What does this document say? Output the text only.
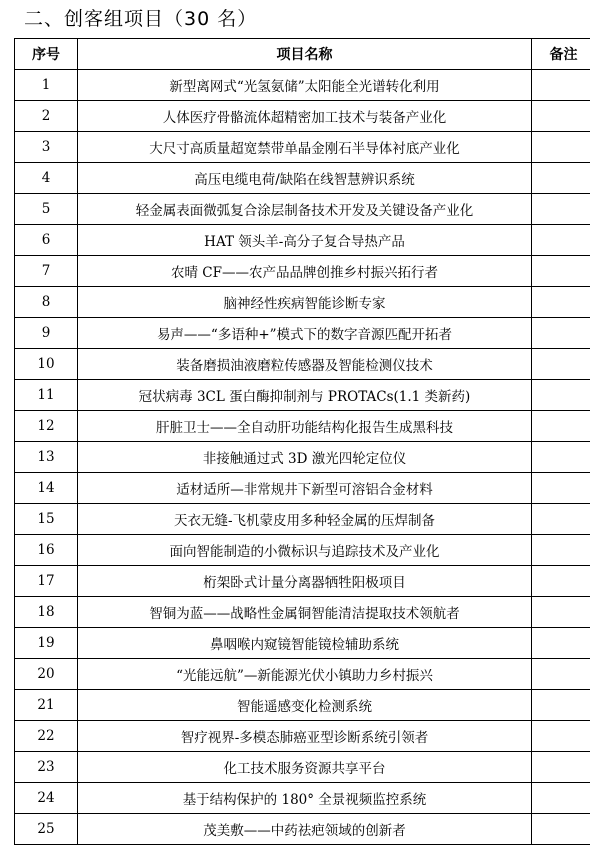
二、创客组项目（30 名）
序号	项目名称	备注
1	新型离网式“光氢氨储”太阳能全光谱转化利用	
2	人体医疗骨骼流体超精密加工技术与装备产业化	
3	大尺寸高质量超宽禁带单晶金刚石半导体衬底产业化	
4	高压电缆电荷/缺陷在线智慧辨识系统	
5	轻金属表面微弧复合涂层制备技术开发及关键设备产业化	
6	HAT 领头羊-高分子复合导热产品	
7	农晴 CF——农产品品牌创推乡村振兴拓行者	
8	脑神经性疾病智能诊断专家	
9	易声——“多语种+”模式下的数字音源匹配开拓者	
10	装备磨损油液磨粒传感器及智能检测仪技术	
11	冠状病毒 3CL 蛋白酶抑制剂与 PROTACs(1.1 类新药)	
12	肝脏卫士——全自动肝功能结构化报告生成黑科技	
13	非接触通过式 3D 激光四轮定位仪	
14	适材适所—非常规井下新型可溶铝合金材料	
15	天衣无缝-飞机蒙皮用多种轻金属的压焊制备	
16	面向智能制造的小微标识与追踪技术及产业化	
17	桁架卧式计量分离器牺牲阳极项目	
18	智铜为蓝——战略性金属铜智能清洁提取技术领航者	
19	鼻咽喉内窥镜智能镜检辅助系统	
20	“光能远航”—新能源光伏小镇助力乡村振兴	
21	智能遥感变化检测系统	
22	智疗视界-多模态肺癌亚型诊断系统引领者	
23	化工技术服务资源共享平台	
24	基于结构保护的 180° 全景视频监控系统	
25	茂美敷——中药祛疤领域的创新者	
